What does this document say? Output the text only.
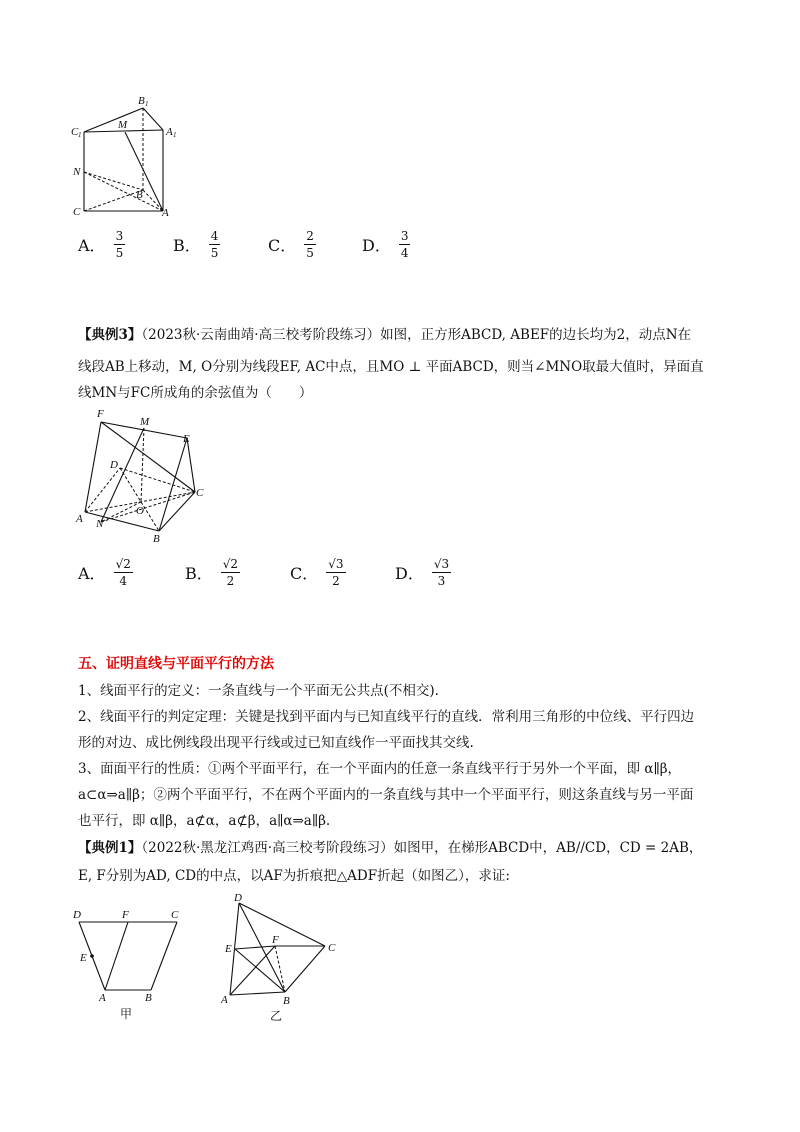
B 1
C 1	A 1
M
N
B
C	A
A． $\frac{3}{5}$	B． $\frac{4}{5}$	C． $\frac{2}{5}$	D． $\frac{3}{4}$
【典例3】（2023秋·云南曲靖·高三校考阶段练习）如图，正方形ABCD, ABEF的边长均为2，动点N在
线段AB上移动，M, O分别为线段EF, AC中点，且MO ⊥ 平面ABCD，则当∠MNO取最大值时，异面直
线MN与FC所成角的余弦值为（　　）
F
M
E
D
C
A N
O
B
A． $\frac{√2}{4}$	B． $\frac{√2}{2}$	C． $\frac{√3}{2}$	D． $\frac{√3}{3}$
五、证明直线与平面平行的方法
1、线面平行的定义：一条直线与一个平面无公共点(不相交).
2、线面平行的判定定理：关键是找到平面内与已知直线平行的直线．常利用三角形的中位线、平行四边
形的对边、成比例线段出现平行线或过已知直线作一平面找其交线.
3、面面平行的性质：①两个平面平行，在一个平面内的任意一条直线平行于另外一个平面，即 α∥β，
a⊂α⇒a∥β；②两个平面平行，不在两个平面内的一条直线与其中一个平面平行，则这条直线与另一平面
也平行，即 α∥β，a⊄α，a⊄β，a∥α⇒a∥β.
【典例1】（2022秋·黑龙江鸡西·高三校考阶段练习）如图甲，在梯形ABCD中，AB//CD，CD = 2AB，
E, F分别为AD, CD的中点，以AF为折痕把△ADF折起（如图乙），求证:
D	F	C
E
A	B
甲
D
F
E	C
A	B
乙
